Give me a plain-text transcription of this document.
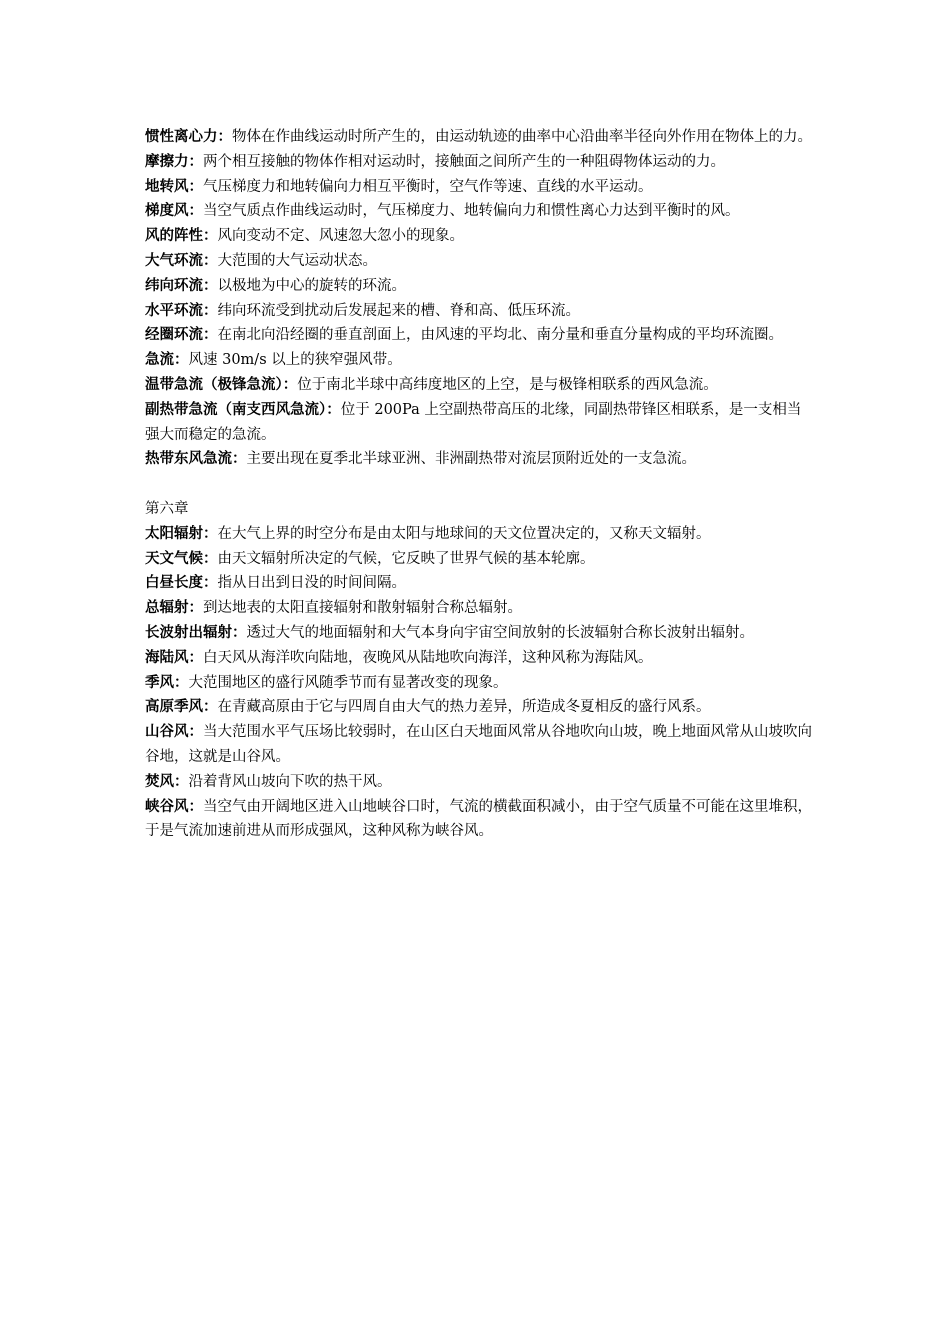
惯性离心力：物体在作曲线运动时所产生的，由运动轨迹的曲率中心沿曲率半径向外作用在物体上的力。

摩擦力：两个相互接触的物体作相对运动时，接触面之间所产生的一种阻碍物体运动的力。

地转风：气压梯度力和地转偏向力相互平衡时，空气作等速、直线的水平运动。

梯度风：当空气质点作曲线运动时，气压梯度力、地转偏向力和惯性离心力达到平衡时的风。

风的阵性：风向变动不定、风速忽大忽小的现象。

大气环流：大范围的大气运动状态。

纬向环流：以极地为中心的旋转的环流。

水平环流：纬向环流受到扰动后发展起来的槽、脊和高、低压环流。

经圈环流：在南北向沿经圈的垂直剖面上，由风速的平均北、南分量和垂直分量构成的平均环流圈。

急流：风速 30m/s 以上的狭窄强风带。

温带急流（极锋急流）：位于南北半球中高纬度地区的上空，是与极锋相联系的西风急流。

副热带急流（南支西风急流）：位于 200Pa 上空副热带高压的北缘，同副热带锋区相联系，是一支相当强大而稳定的急流。

热带东风急流：主要出现在夏季北半球亚洲、非洲副热带对流层顶附近处的一支急流。

第六章

太阳辐射：在大气上界的时空分布是由太阳与地球间的天文位置决定的，又称天文辐射。

天文气候：由天文辐射所决定的气候，它反映了世界气候的基本轮廓。

白昼长度：指从日出到日没的时间间隔。

总辐射：到达地表的太阳直接辐射和散射辐射合称总辐射。

长波射出辐射：透过大气的地面辐射和大气本身向宇宙空间放射的长波辐射合称长波射出辐射。

海陆风：白天风从海洋吹向陆地，夜晚风从陆地吹向海洋，这种风称为海陆风。

季风：大范围地区的盛行风随季节而有显著改变的现象。

高原季风：在青藏高原由于它与四周自由大气的热力差异，所造成冬夏相反的盛行风系。

山谷风：当大范围水平气压场比较弱时，在山区白天地面风常从谷地吹向山坡，晚上地面风常从山坡吹向谷地，这就是山谷风。

焚风：沿着背风山坡向下吹的热干风。

峡谷风：当空气由开阔地区进入山地峡谷口时，气流的横截面积减小，由于空气质量不可能在这里堆积，于是气流加速前进从而形成强风，这种风称为峡谷风。
